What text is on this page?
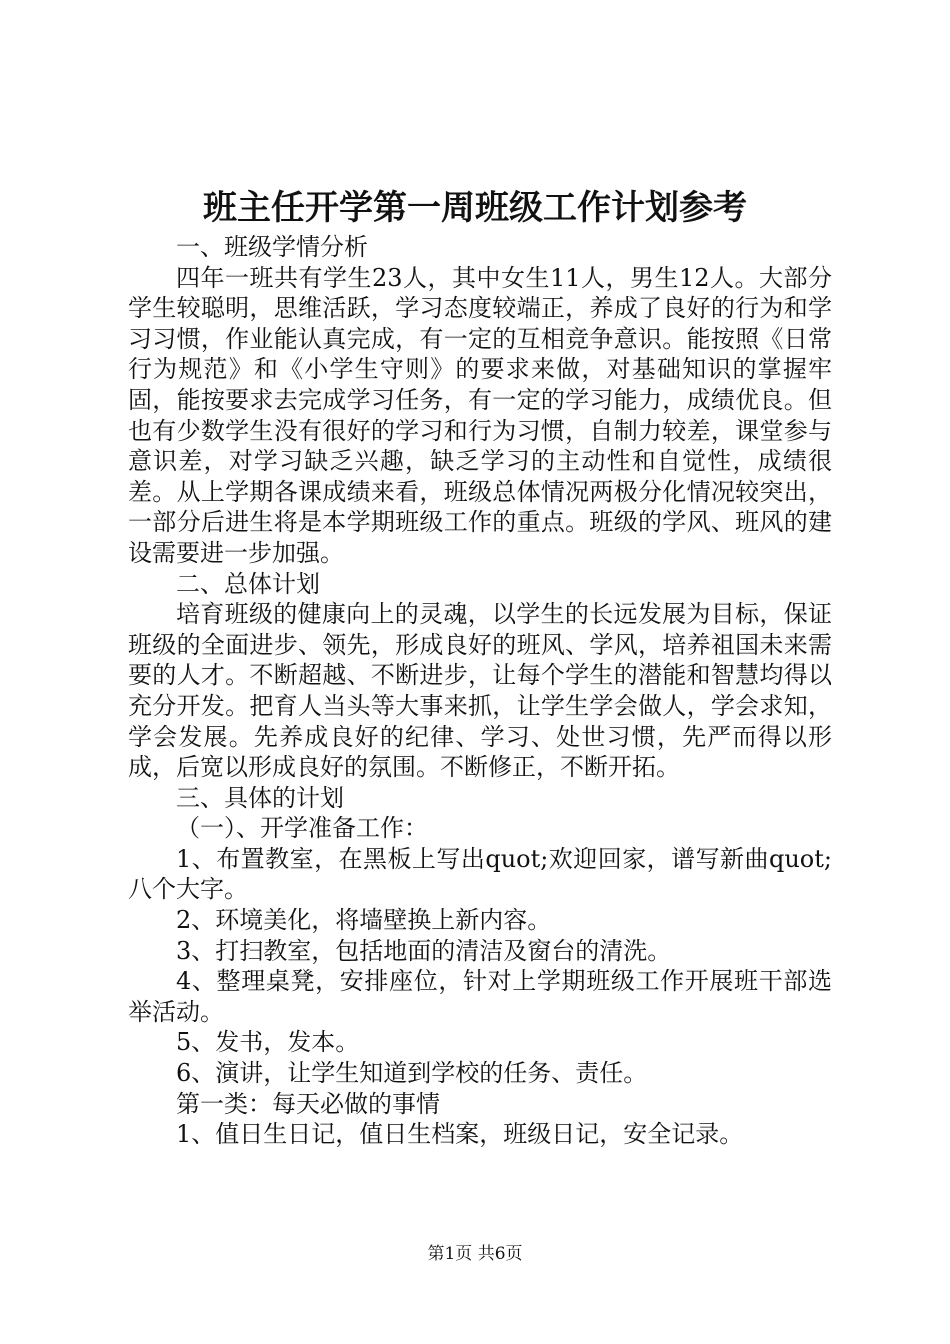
班主任开学第一周班级工作计划参考

一、班级学情分析

四年一班共有学生23人，其中女生11人，男生12人。大部分学生较聪明，思维活跃，学习态度较端正，养成了良好的行为和学习习惯，作业能认真完成，有一定的互相竞争意识。能按照《日常行为规范》和《小学生守则》的要求来做，对基础知识的掌握牢固，能按要求去完成学习任务，有一定的学习能力，成绩优良。但也有少数学生没有很好的学习和行为习惯，自制力较差，课堂参与意识差，对学习缺乏兴趣，缺乏学习的主动性和自觉性，成绩很差。从上学期各课成绩来看，班级总体情况两极分化情况较突出，一部分后进生将是本学期班级工作的重点。班级的学风、班风的建设需要进一步加强。

二、总体计划

培育班级的健康向上的灵魂，以学生的长远发展为目标，保证班级的全面进步、领先，形成良好的班风、学风，培养祖国未来需要的人才。不断超越、不断进步，让每个学生的潜能和智慧均得以充分开发。把育人当头等大事来抓，让学生学会做人，学会求知，学会发展。先养成良好的纪律、学习、处世习惯，先严而得以形成，后宽以形成良好的氛围。不断修正，不断开拓。

三、具体的计划

（一）、开学准备工作：

1、布置教室，在黑板上写出quot;欢迎回家，谱写新曲quot;八个大字。

2、环境美化，将墙壁换上新内容。

3、打扫教室，包括地面的清洁及窗台的清洗。

4、整理桌凳，安排座位，针对上学期班级工作开展班干部选举活动。

5、发书，发本。

6、演讲，让学生知道到学校的任务、责任。

第一类：每天必做的事情

1、值日生日记，值日生档案，班级日记，安全记录。

第1页 共6页
